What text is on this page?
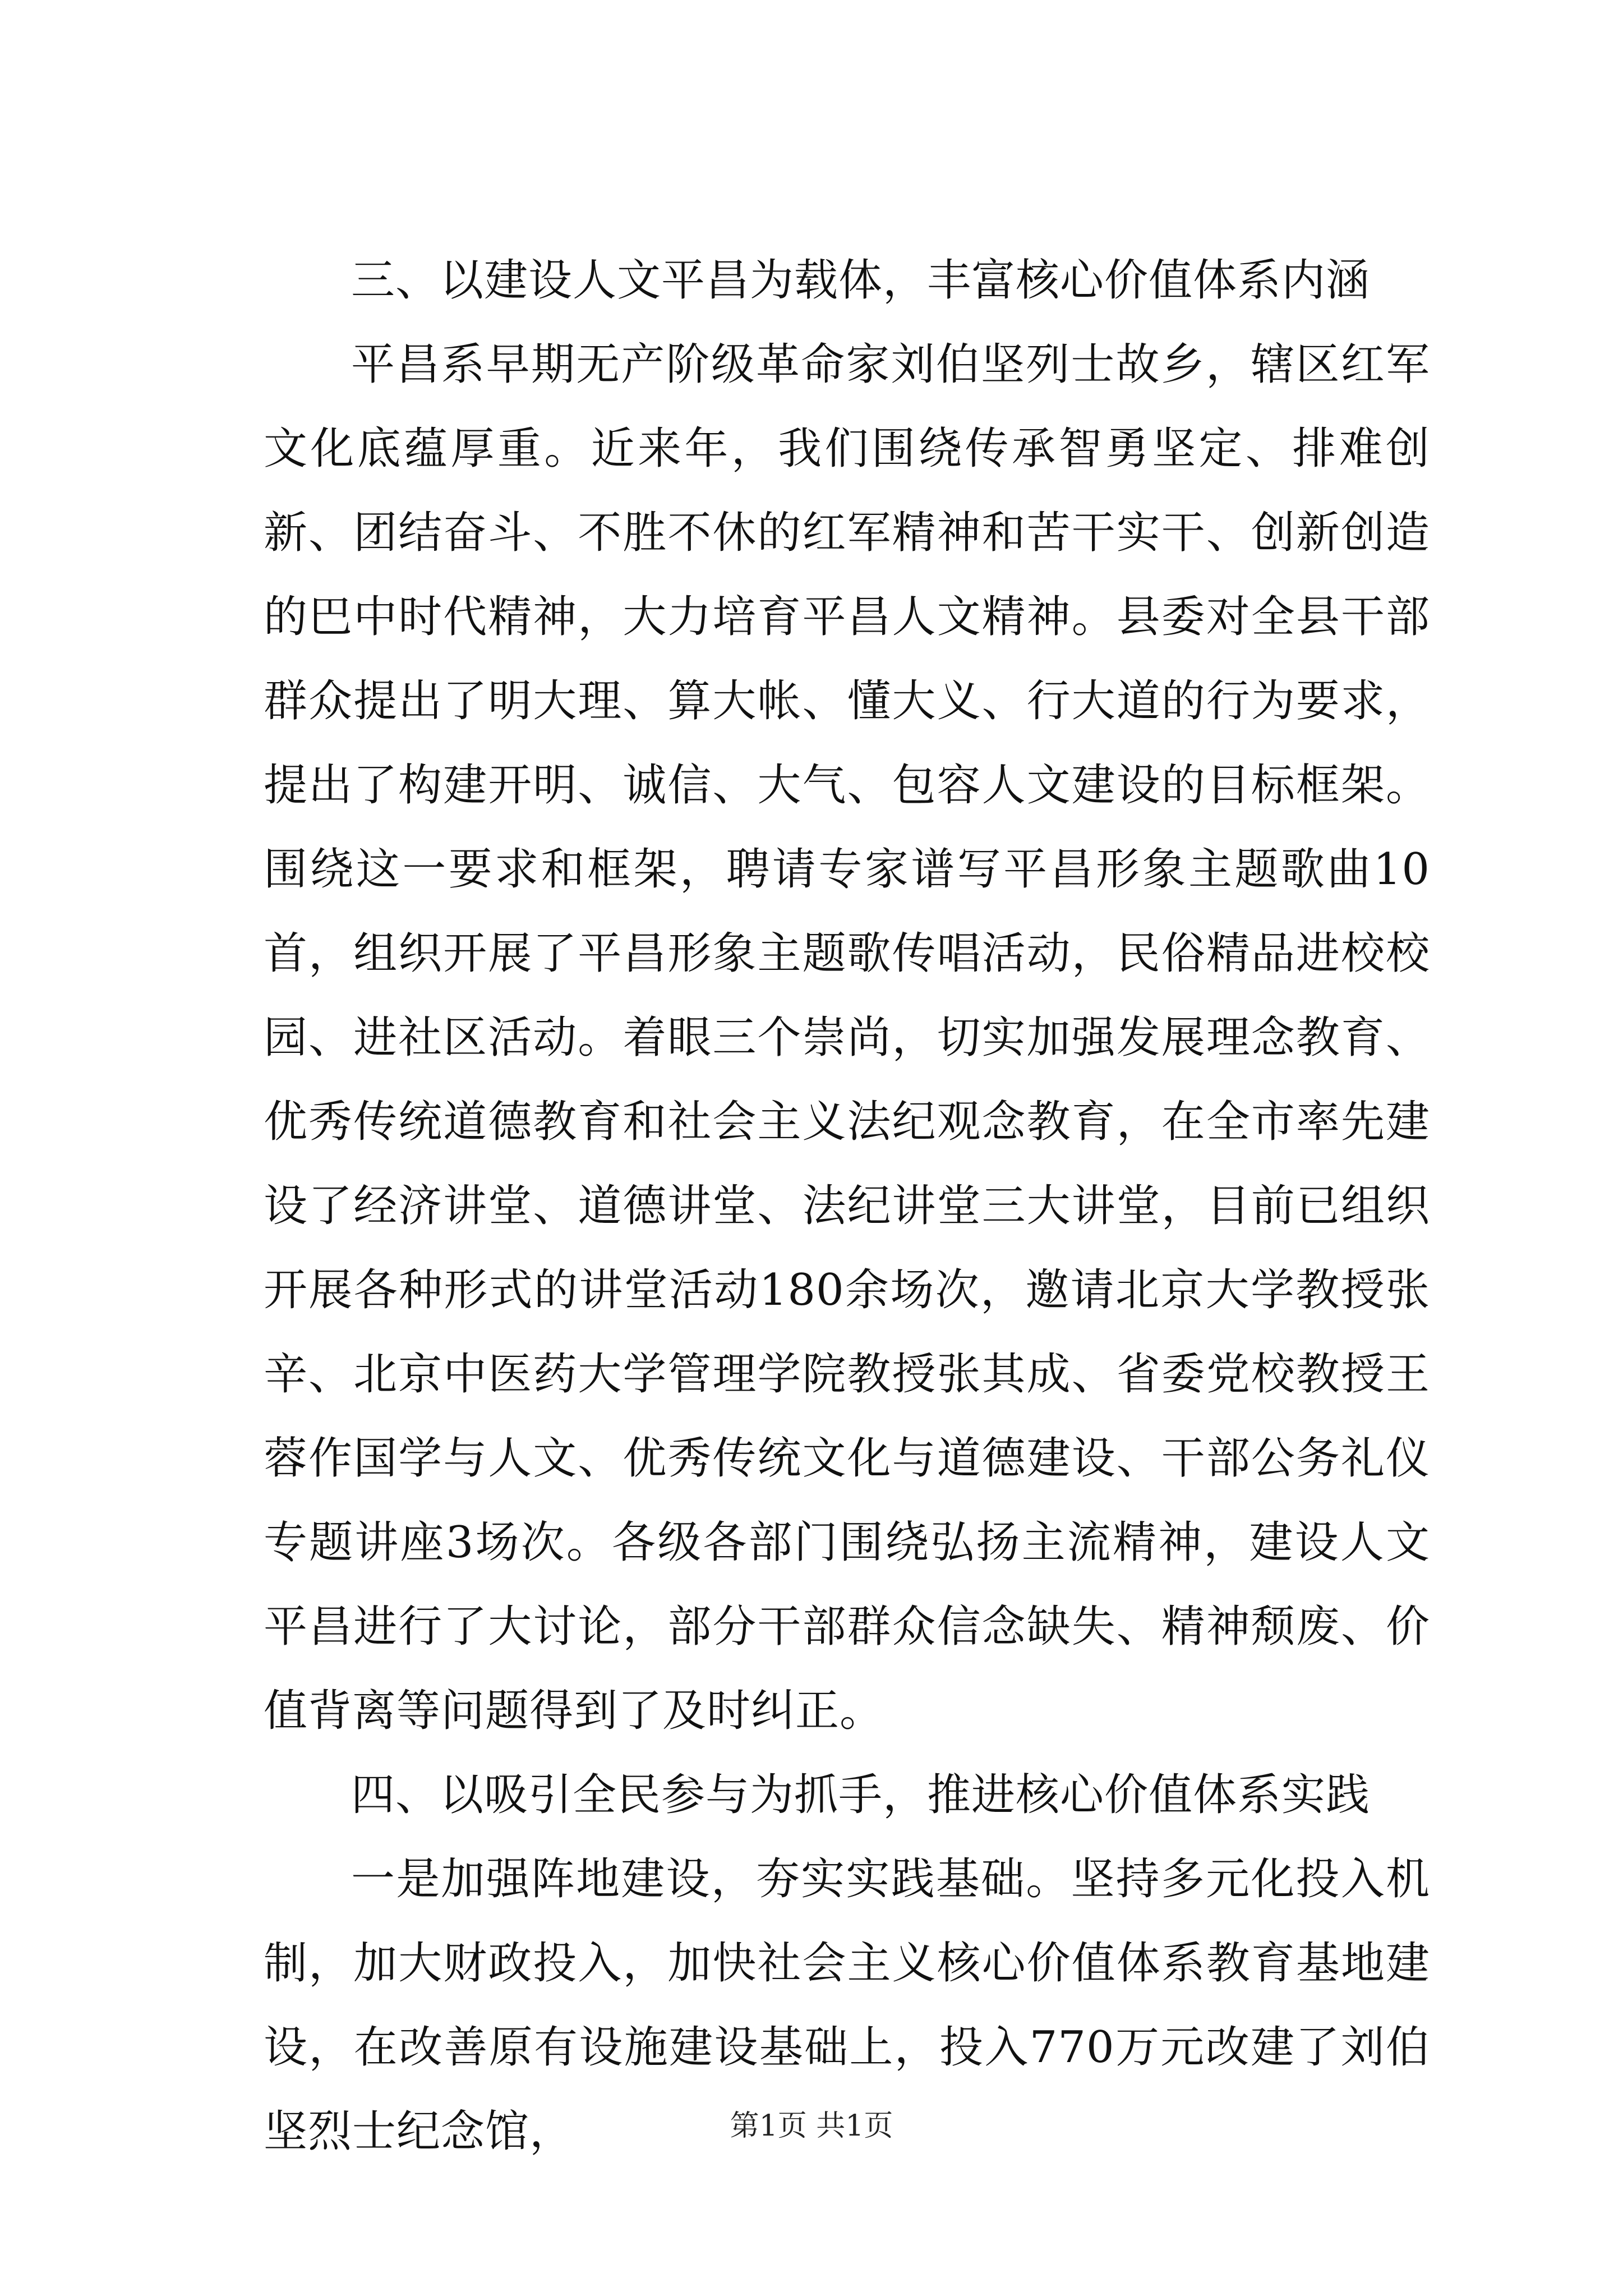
三、以建设人文平昌为载体，丰富核心价值体系内涵

平昌系早期无产阶级革命家刘伯坚列士故乡，辖区红军文化底蕴厚重。近来年，我们围绕传承智勇坚定、排难创新、团结奋斗、不胜不休的红军精神和苦干实干、创新创造的巴中时代精神，大力培育平昌人文精神。县委对全县干部群众提出了明大理、算大帐、懂大义、行大道的行为要求，提出了构建开明、诚信、大气、包容人文建设的目标框架。围绕这一要求和框架，聘请专家谱写平昌形象主题歌曲10首，组织开展了平昌形象主题歌传唱活动，民俗精品进校校园、进社区活动。着眼三个崇尚，切实加强发展理念教育、优秀传统道德教育和社会主义法纪观念教育，在全市率先建设了经济讲堂、道德讲堂、法纪讲堂三大讲堂，目前已组织开展各种形式的讲堂活动180余场次，邀请北京大学教授张辛、北京中医药大学管理学院教授张其成、省委党校教授王蓉作国学与人文、优秀传统文化与道德建设、干部公务礼仪专题讲座3场次。各级各部门围绕弘扬主流精神，建设人文平昌进行了大讨论，部分干部群众信念缺失、精神颓废、价值背离等问题得到了及时纠正。

四、以吸引全民参与为抓手，推进核心价值体系实践

一是加强阵地建设，夯实实践基础。坚持多元化投入机制，加大财政投入，加快社会主义核心价值体系教育基地建设，在改善原有设施建设基础上，投入770万元改建了刘伯坚烈士纪念馆，	第1页 共1页
